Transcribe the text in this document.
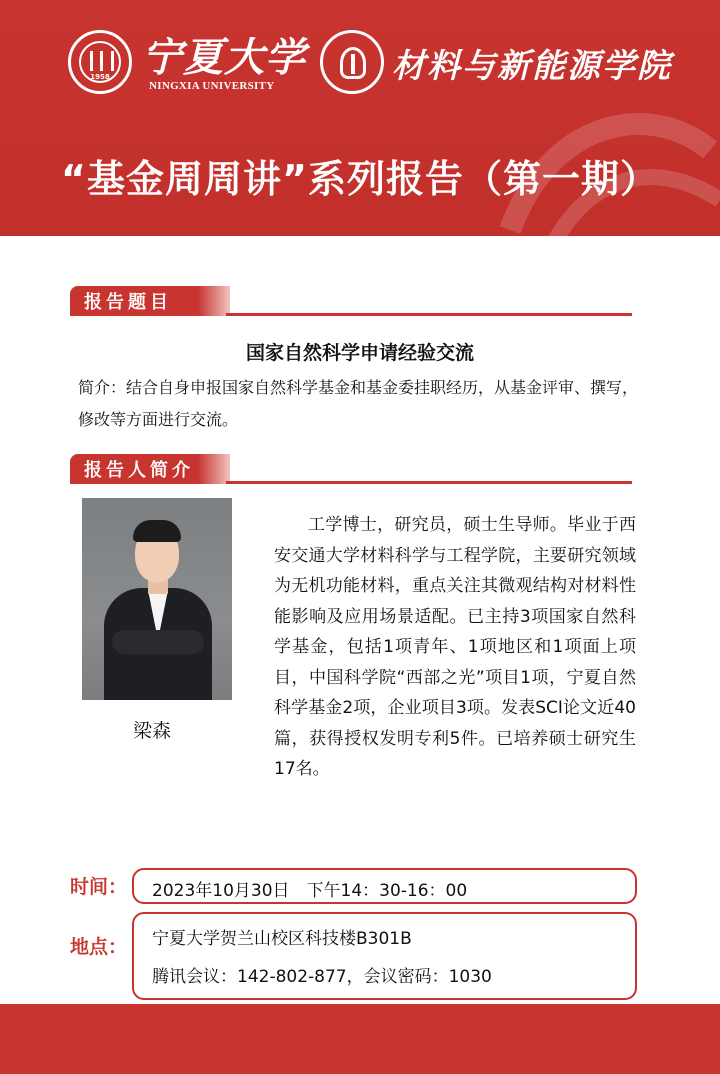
1958 宁夏大学
NINGXIA UNIVERSITY
材料与新能源学院
“基金周周讲”系列报告（第一期）
报告题目
国家自然科学申请经验交流
简介：结合自身申报国家自然科学基金和基金委挂职经历，从基金评审、撰写，修改等方面进行交流。
报告人简介
梁森
工学博士，研究员，硕士生导师。毕业于西安交通大学材料科学与工程学院，主要研究领域为无机功能材料，重点关注其微观结构对材料性能影响及应用场景适配。已主持3项国家自然科学基金，包括1项青年、1项地区和1项面上项目，中国科学院“西部之光”项目1项，宁夏自然科学基金2项，企业项目3项。发表SCI论文近40篇，获得授权发明专利5件。已培养硕士研究生17名。
时间： 2023年10月30日　下午14：30-16：00
地点： 宁夏大学贺兰山校区科技楼B301B
腾讯会议：142-802-877，会议密码：1030
